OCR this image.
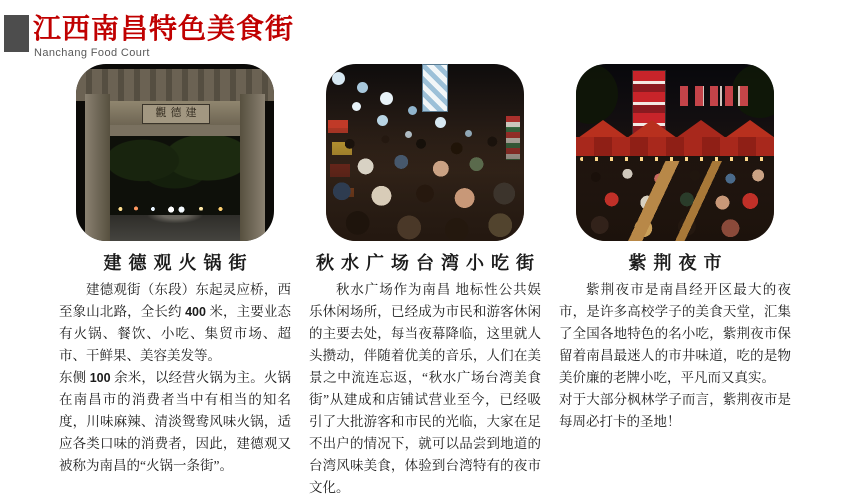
江西南昌特色美食街
Nanchang Food Court
觀德建
建德观火锅街

建德观街（东段）东起灵应桥，西至象山北路，全长约 400 米，主要业态有火锅、餐饮、小吃、集贸市场、超市、干鲜果、美容美发等。

东侧 100 余米，以经营火锅为主。火锅在南昌市的消费者当中有相当的知名度，川味麻辣、清淡鸳鸯风味火锅，适应各类口味的消费者，因此，建德观又被称为南昌的“火锅一条街”。

秋水广场台湾小吃街

秋水广场作为南昌 地标性公共娱乐休闲场所，已经成为市民和游客休闲的主要去处，每当夜幕降临，这里就人头攒动，伴随着优美的音乐，人们在美景之中流连忘返，“秋水广场台湾美食街”从建成和店铺试营业至今，已经吸引了大批游客和市民的光临，大家在足不出户的情况下，就可以品尝到地道的台湾风味美食，体验到台湾特有的夜市文化。

紫荆夜市

紫荆夜市是南昌经开区最大的夜市，是许多高校学子的美食天堂，汇集了全国各地特色的名小吃，紫荆夜市保留着南昌最迷人的市井味道，吃的是物美价廉的老牌小吃，平凡而又真实。

对于大部分枫林学子而言，紫荆夜市是每周必打卡的圣地！
